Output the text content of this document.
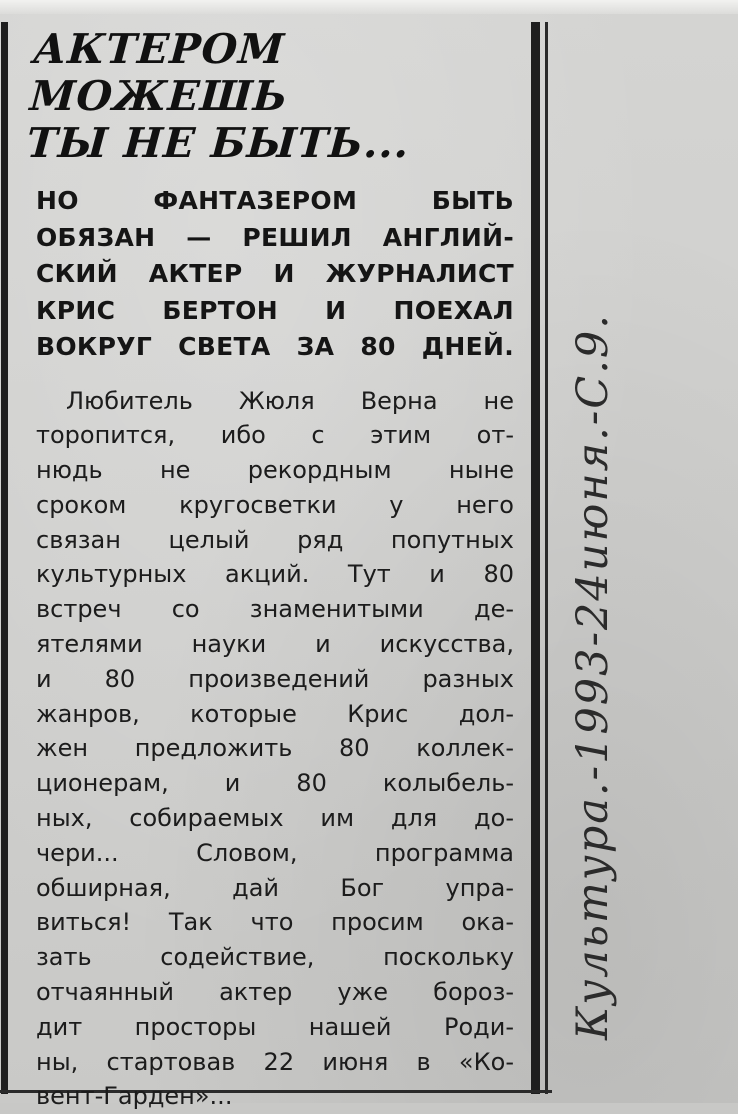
АКТЕРОМ МОЖЕШЬ
ТЫ НЕ БЫТЬ...
НО ФАНТАЗЕРОМ БЫТЬ
ОБЯЗАН — РЕШИЛ АНГЛИЙ-
СКИЙ АКТЕР И ЖУРНАЛИСТ
КРИС БЕРТОН И ПОЕХАЛ
ВОКРУГ СВЕТА ЗА 80 ДНЕЙ.
Любитель Жюля Верна не
торопится, ибо с этим от-
нюдь не рекордным ныне
сроком кругосветки у него
связан целый ряд попутных
культурных акций. Тут и 80
встреч со знаменитыми де-
ятелями науки и искусства,
и 80 произведений разных
жанров, которые Крис дол-
жен предложить 80 коллек-
ционерам, и 80 колыбель-
ных, собираемых им для до-
чери... Словом, программа
обширная, дай Бог упра-
виться! Так что просим ока-
зать содействие, поскольку
отчаянный актер уже бороз-
дит просторы нашей Роди-
ны, стартовав 22 июня в «Ко-
вент-Гарден»...
Культура.-1993-24июня.-С.9.
